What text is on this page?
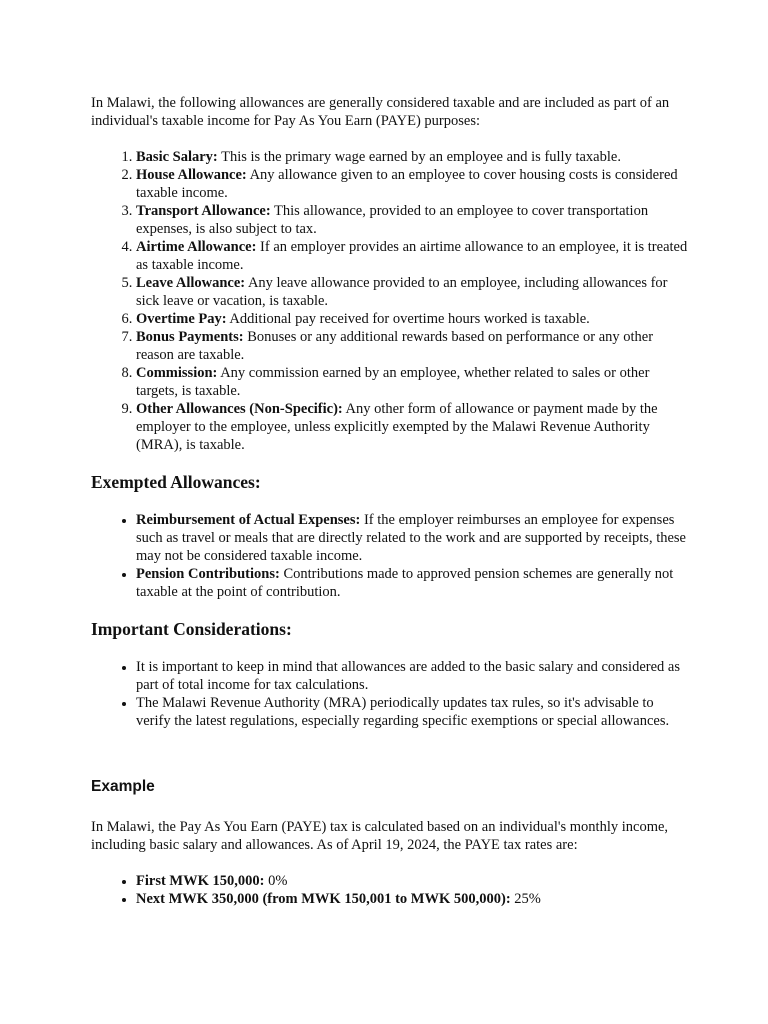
In Malawi, the following allowances are generally considered taxable and are included as part of an individual's taxable income for Pay As You Earn (PAYE) purposes:

1. Basic Salary: This is the primary wage earned by an employee and is fully taxable.
2. House Allowance: Any allowance given to an employee to cover housing costs is considered taxable income.
3. Transport Allowance: This allowance, provided to an employee to cover transportation expenses, is also subject to tax.
4. Airtime Allowance: If an employer provides an airtime allowance to an employee, it is treated as taxable income.
5. Leave Allowance: Any leave allowance provided to an employee, including allowances for sick leave or vacation, is taxable.
6. Overtime Pay: Additional pay received for overtime hours worked is taxable.
7. Bonus Payments: Bonuses or any additional rewards based on performance or any other reason are taxable.
8. Commission: Any commission earned by an employee, whether related to sales or other targets, is taxable.
9. Other Allowances (Non-Specific): Any other form of allowance or payment made by the employer to the employee, unless explicitly exempted by the Malawi Revenue Authority (MRA), is taxable.
Exempted Allowances:
• Reimbursement of Actual Expenses: If the employer reimburses an employee for expenses such as travel or meals that are directly related to the work and are supported by receipts, these may not be considered taxable income.
• Pension Contributions: Contributions made to approved pension schemes are generally not taxable at the point of contribution.
Important Considerations:
• It is important to keep in mind that allowances are added to the basic salary and considered as part of total income for tax calculations.
• The Malawi Revenue Authority (MRA) periodically updates tax rules, so it's advisable to verify the latest regulations, especially regarding specific exemptions or special allowances.
Example

In Malawi, the Pay As You Earn (PAYE) tax is calculated based on an individual's monthly income, including basic salary and allowances. As of April 19, 2024, the PAYE tax rates are:

• First MWK 150,000: 0%
• Next MWK 350,000 (from MWK 150,001 to MWK 500,000): 25%
